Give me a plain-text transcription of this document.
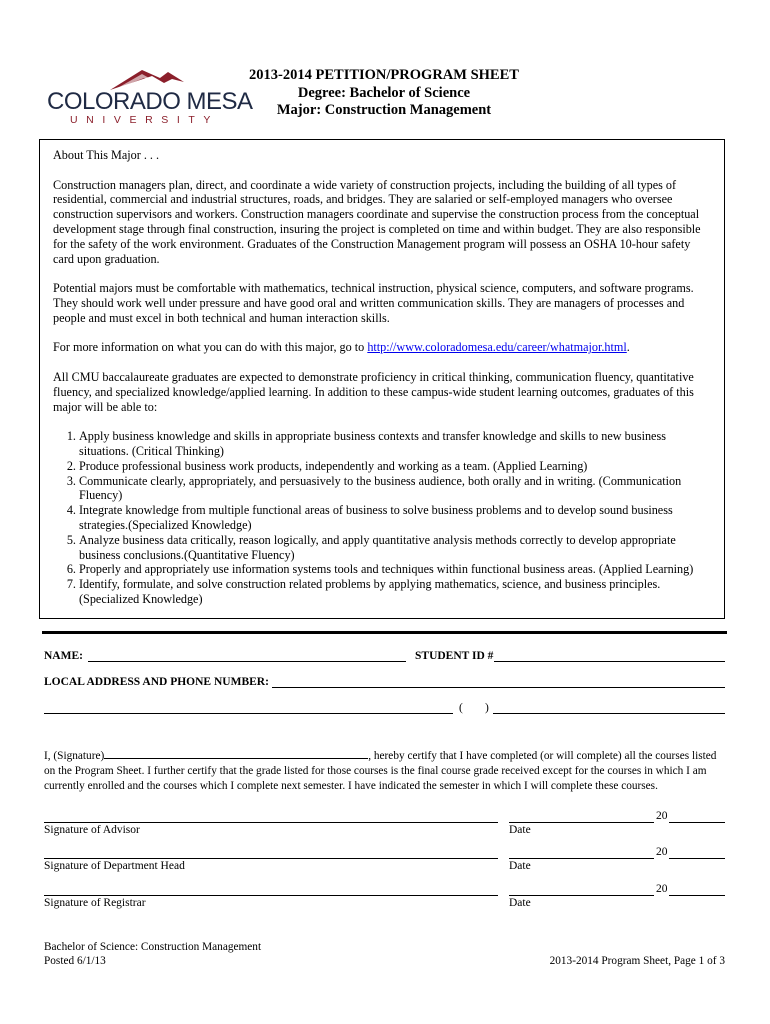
COLORADO MESA
UNIVERSITY
2013-2014 PETITION/PROGRAM SHEET
Degree: Bachelor of Science
Major: Construction Management

About This Major . . .

Construction managers plan, direct, and coordinate a wide variety of construction projects, including the building of all types of residential, commercial and industrial structures, roads, and bridges. They are salaried or self-employed managers who oversee construction supervisors and workers. Construction managers coordinate and supervise the construction process from the conceptual development stage through final construction, insuring the project is completed on time and within budget. They are also responsible for the safety of the work environment. Graduates of the Construction Management program will possess an OSHA 10-hour safety card upon graduation.

Potential majors must be comfortable with mathematics, technical instruction, physical science, computers, and software programs. They should work well under pressure and have good oral and written communication skills. They are managers of processes and people and must excel in both technical and human interaction skills.

For more information on what you can do with this major, go to http://www.coloradomesa.edu/career/whatmajor.html.

All CMU baccalaureate graduates are expected to demonstrate proficiency in critical thinking, communication fluency, quantitative fluency, and specialized knowledge/applied learning. In addition to these campus-wide student learning outcomes, graduates of this major will be able to:

1. Apply business knowledge and skills in appropriate business contexts and transfer knowledge and skills to new business situations. (Critical Thinking)
2. Produce professional business work products, independently and working as a team. (Applied Learning)
3. Communicate clearly, appropriately, and persuasively to the business audience, both orally and in writing. (Communication Fluency)
4. Integrate knowledge from multiple functional areas of business to solve business problems and to develop sound business strategies.(Specialized Knowledge)
5. Analyze business data critically, reason logically, and apply quantitative analysis methods correctly to develop appropriate business conclusions.(Quantitative Fluency)
6. Properly and appropriately use information systems tools and techniques within functional business areas. (Applied Learning)
7. Identify, formulate, and solve construction related problems by applying mathematics, science, and business principles. (Specialized Knowledge)
NAME:	STUDENT ID #
LOCAL ADDRESS AND PHONE NUMBER:
( )
I, (Signature)	, hereby certify that I have completed (or will complete) all the courses listed on the Program Sheet. I further certify that the grade listed for those courses is the final course grade received except for the courses in which I am currently enrolled and the courses which I complete next semester. I have indicated the semester in which I will complete these courses.
Signature of Advisor
20
Date
Signature of Department Head
20
Date
Signature of Registrar
20
Date
Bachelor of Science: Construction Management
Posted 6/1/13	2013-2014 Program Sheet, Page 1 of 3
